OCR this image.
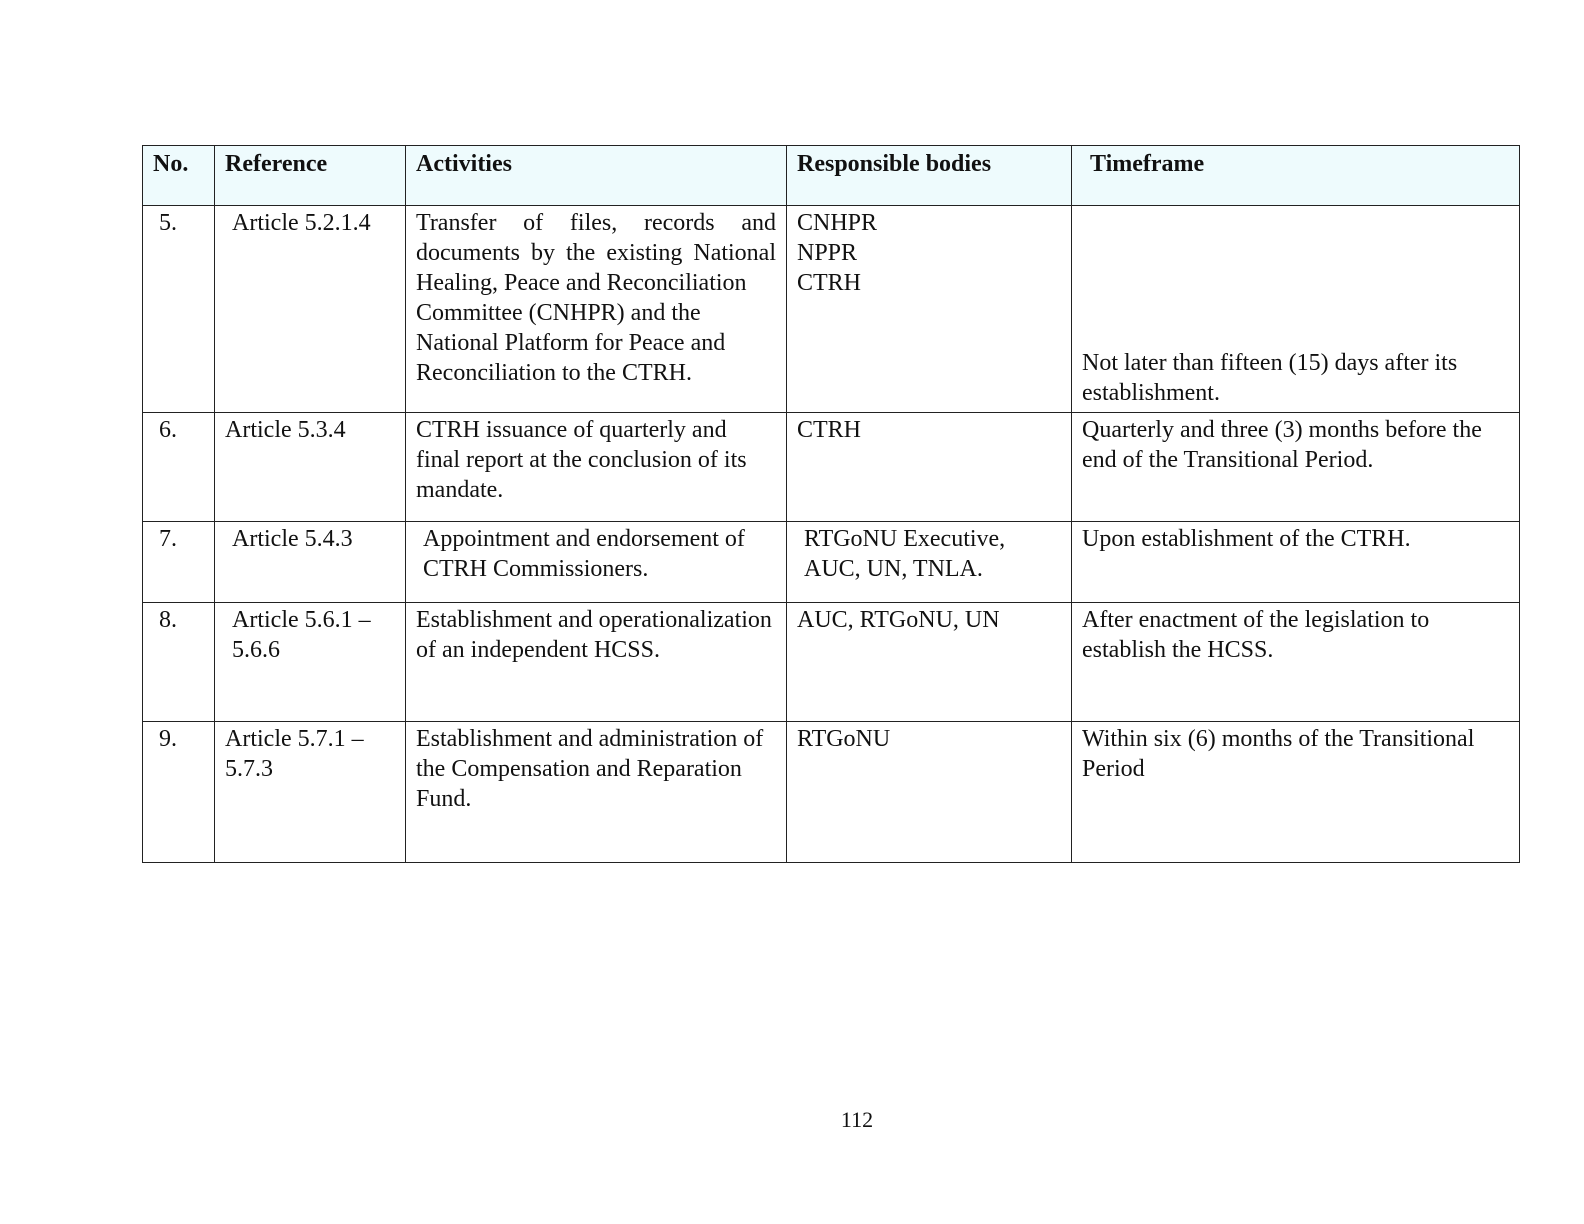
No.	Reference	Activities	Responsible bodies	Timeframe
5.	Article 5.2.1.4	Transfer of files, records and documents by the existing National Healing, Peace and Reconciliation
Committee (CNHPR) and the
National Platform for Peace and
Reconciliation to the CTRH.	CNHPR
NPPR
CTRH	Not later than fifteen (15) days after its establishment.
6.	Article 5.3.4	CTRH issuance of quarterly and final report at the conclusion of its mandate.	CTRH	Quarterly and three (3) months before the end of the Transitional Period.
7.	Article 5.4.3	Appointment and endorsement of CTRH Commissioners.	RTGoNU Executive, AUC, UN, TNLA.	Upon establishment of the CTRH.
8.	Article 5.6.1 – 5.6.6	Establishment and operationalization of an independent HCSS.	AUC, RTGoNU, UN	After enactment of the legislation to establish the HCSS.
9.	Article 5.7.1 – 5.7.3	Establishment and administration of the Compensation and Reparation Fund.	RTGoNU	Within six (6) months of the Transitional Period
112
